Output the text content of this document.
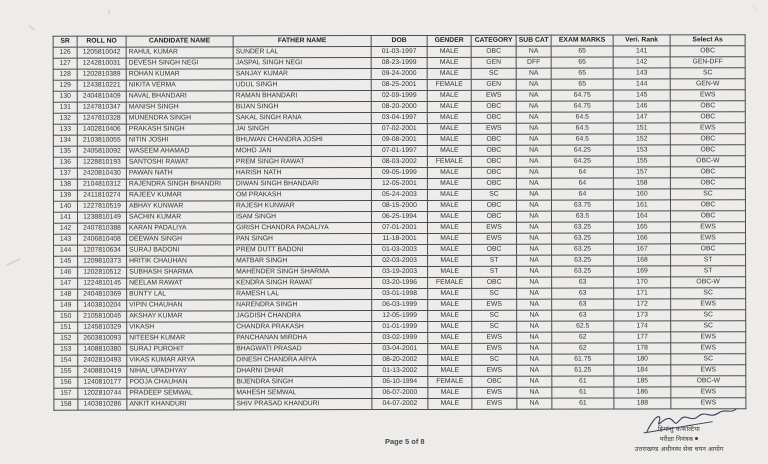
SR	ROLL NO	CANDIDATE NAME	FATHER NAME	DOB	GENDER	CATEGORY	SUB CAT	EXAM MARKS	Veri. Rank	Select As
126	1205810042	RAHUL KUMAR	SUNDER LAL	01-03-1997	MALE	OBC	NA	65	141	OBC
127	1242810031	DEVESH SINGH NEGI	JASPAL SINGH NEGI	08-23-1999	MALE	GEN	DFF	65	142	GEN-DFF
128	1202810389	ROHAN KUMAR	SANJAY KUMAR	09-24-2000	MALE	SC	NA	65	143	SC
129	1243810221	NIKITA VERMA	UDUL SINGH	08-25-2001	FEMALE	GEN	NA	65	144	GEN-W
130	2404810409	NAVAL BHANDARI	RAMAN BHANDARI	02-09-1999	MALE	EWS	NA	64.75	145	EWS
131	1247810347	MANISH SINGH	BIJAN SINGH	08-20-2000	MALE	OBC	NA	64.75	146	OBC
132	1247810328	MUNENDRA SINGH	SAKAL SINGH RANA	03-04-1997	MALE	OBC	NA	64.5	147	OBC
133	1402810406	PRAKASH SINGH	JAI SINGH	07-02-2001	MALE	EWS	NA	64.5	151	EWS
134	2103810055	NITIN JOSHI	BHUWAN CHANDRA JOSHI	09-08-2001	MALE	OBC	NA	64.5	152	OBC
135	2405810092	WASEEM AHAMAD	MOHD JAN	07-01-1997	MALE	OBC	NA	64.25	153	OBC
136	1228810193	SANTOSHI RAWAT	PREM SINGH RAWAT	08-03-2002	FEMALE	OBC	NA	64.25	155	OBC-W
137	2420810430	PAWAN NATH	HARISH NATH	09-05-1999	MALE	OBC	NA	64	157	OBC
138	2104810312	RAJENDRA SINGH BHANDRI	DIWAN SINGH BHANDARI	12-05-2001	MALE	OBC	NA	64	158	OBC
139	2411810274	RAJEEV KUMAR	OM PRAKASH	05-24-2003	MALE	SC	NA	64	160	SC
140	1227810519	ABHAY KUNWAR	RAJESH KUNWAR	08-15-2000	MALE	OBC	NA	63.75	161	OBC
141	1238810149	SACHIN KUMAR	ISAM SINGH	06-25-1994	MALE	OBC	NA	63.5	164	OBC
142	2407810388	KARAN PADALIYA	GIRISH CHANDRA PADALIYA	07-01-2001	MALE	EWS	NA	63.25	165	EWS
143	2406810408	DEEWAN SINGH	PAN SINGH	11-18-2001	MALE	EWS	NA	63.25	166	EWS
144	1207810634	SURAJ BADONI	PREM DUTT BADONI	01-03-2003	MALE	OBC	NA	63.25	167	OBC
145	1209810373	HRITIK CHAUHAN	MATBAR SINGH	02-03-2003	MALE	ST	NA	63.25	168	ST
146	1202810512	SUBHASH SHARMA	MAHENDER SINGH SHARMA	03-19-2003	MALE	ST	NA	63.25	169	ST
147	1224810145	NEELAM RAWAT	KENDRA SINGH RAWAT	03-20-1996	FEMALE	OBC	NA	63	170	OBC-W
148	2404810369	BUNTY LAL	RAMESH LAL	03-01-1998	MALE	SC	NA	63	171	SC
149	1403810204	VIPIN CHAUHAN	NARENDRA SINGH	06-03-1999	MALE	EWS	NA	63	172	EWS
150	2105810045	AKSHAY KUMAR	JAGDISH CHANDRA	12-05-1999	MALE	SC	NA	63	173	SC
151	1245810329	VIKASH	CHANDRA PRAKASH	01-01-1999	MALE	SC	NA	62.5	174	SC
152	2603810093	NITEESH KUMAR	PANCHANAN MIRDHA	03-02-1999	MALE	EWS	NA	62	177	EWS
153	1408810380	SURAJ PUROHIT	BHAGWATI PRASAD	03-04-2001	MALE	EWS	NA	62	178	EWS
154	2402810493	VIKAS KUMAR ARYA	DINESH CHANDRA ARYA	08-20-2002	MALE	SC	NA	61.75	180	SC
155	2408810419	NIHAL UPADHYAY	DHARNI DHAR	01-13-2002	MALE	EWS	NA	61.25	184	EWS
156	1240810177	POOJA CHAUHAN	BIJENDRA SINGH	06-10-1994	FEMALE	OBC	NA	61	185	OBC-W
157	1202810744	PRADEEP SEMWAL	MAHESH SEMWAL	06-07-2000	MALE	EWS	NA	61	186	EWS
158	1403810286	ANKIT KHANDURI	SHIV PRASAD KHANDURI	04-07-2002	MALE	EWS	NA	61	188	EWS
Page 5 of 8
हिमांशु कफल्टिया
परीक्षा नियंत्रक
उत्तराखण्ड अधीनस्थ सेवा चयन आयोग
